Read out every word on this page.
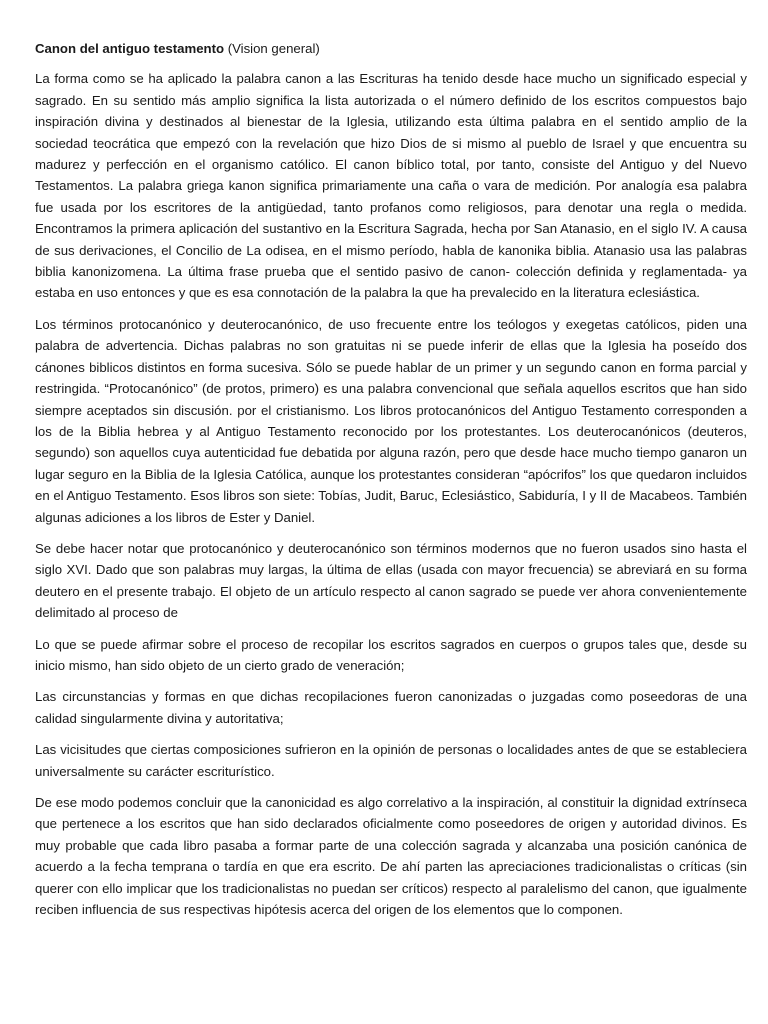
Canon del antiguo testamento (Vision general)

La forma como se ha aplicado la palabra canon a las Escrituras ha tenido desde hace mucho un significado especial y sagrado. En su sentido más amplio significa la lista autorizada o el número definido de los escritos compuestos bajo inspiración divina y destinados al bienestar de la Iglesia, utilizando esta última palabra en el sentido amplio de la sociedad teocrática que empezó con la revelación que hizo Dios de si mismo al pueblo de Israel y que encuentra su madurez y perfección en el organismo católico. El canon bíblico total, por tanto, consiste del Antiguo y del Nuevo Testamentos. La palabra griega kanon significa primariamente una caña o vara de medición. Por analogía esa palabra fue usada por los escritores de la antigüedad, tanto profanos como religiosos, para denotar una regla o medida. Encontramos la primera aplicación del sustantivo en la Escritura Sagrada, hecha por San Atanasio, en el siglo IV. A causa de sus derivaciones, el Concilio de La odisea, en el mismo período, habla de kanonika biblia. Atanasio usa las palabras biblia kanonizomena. La última frase prueba que el sentido pasivo de canon- colección definida y reglamentada- ya estaba en uso entonces y que es esa connotación de la palabra la que ha prevalecido en la literatura eclesiástica.

Los términos protocanónico y deuterocanónico, de uso frecuente entre los teólogos y exegetas católicos, piden una palabra de advertencia. Dichas palabras no son gratuitas ni se puede inferir de ellas que la Iglesia ha poseído dos cánones biblicos distintos en forma sucesiva. Sólo se puede hablar de un primer y un segundo canon en forma parcial y restringida. “Protocanónico” (de protos, primero) es una palabra convencional que señala aquellos escritos que han sido siempre aceptados sin discusión. por el cristianismo. Los libros protocanónicos del Antiguo Testamento corresponden a los de la Biblia hebrea y al Antiguo Testamento reconocido por los protestantes. Los deuterocanónicos (deuteros, segundo) son aquellos cuya autenticidad fue debatida por alguna razón, pero que desde hace mucho tiempo ganaron un lugar seguro en la Biblia de la Iglesia Católica, aunque los protestantes consideran “apócrifos” los que quedaron incluidos en el Antiguo Testamento. Esos libros son siete: Tobías, Judit, Baruc, Eclesiástico, Sabiduría, I y II de Macabeos. También algunas adiciones a los libros de Ester y Daniel.

Se debe hacer notar que protocanónico y deuterocanónico son términos modernos que no fueron usados sino hasta el siglo XVI. Dado que son palabras muy largas, la última de ellas (usada con mayor frecuencia) se abreviará en su forma deutero en el presente trabajo. El objeto de un artículo respecto al canon sagrado se puede ver ahora convenientemente delimitado al proceso de

Lo que se puede afirmar sobre el proceso de recopilar los escritos sagrados en cuerpos o grupos tales que, desde su inicio mismo, han sido objeto de un cierto grado de veneración;

Las circunstancias y formas en que dichas recopilaciones fueron canonizadas o juzgadas como poseedoras de una calidad singularmente divina y autoritativa;

Las vicisitudes que ciertas composiciones sufrieron en la opinión de personas o localidades antes de que se estableciera universalmente su carácter escriturístico.

De ese modo podemos concluir que la canonicidad es algo correlativo a la inspiración, al constituir la dignidad extrínseca que pertenece a los escritos que han sido declarados oficialmente como poseedores de origen y autoridad divinos. Es muy probable que cada libro pasaba a formar parte de una colección sagrada y alcanzaba una posición canónica de acuerdo a la fecha temprana o tardía en que era escrito. De ahí parten las apreciaciones tradicionalistas o críticas (sin querer con ello implicar que los tradicionalistas no puedan ser críticos) respecto al paralelismo del canon, que igualmente reciben influencia de sus respectivas hipótesis acerca del origen de los elementos que lo componen.
